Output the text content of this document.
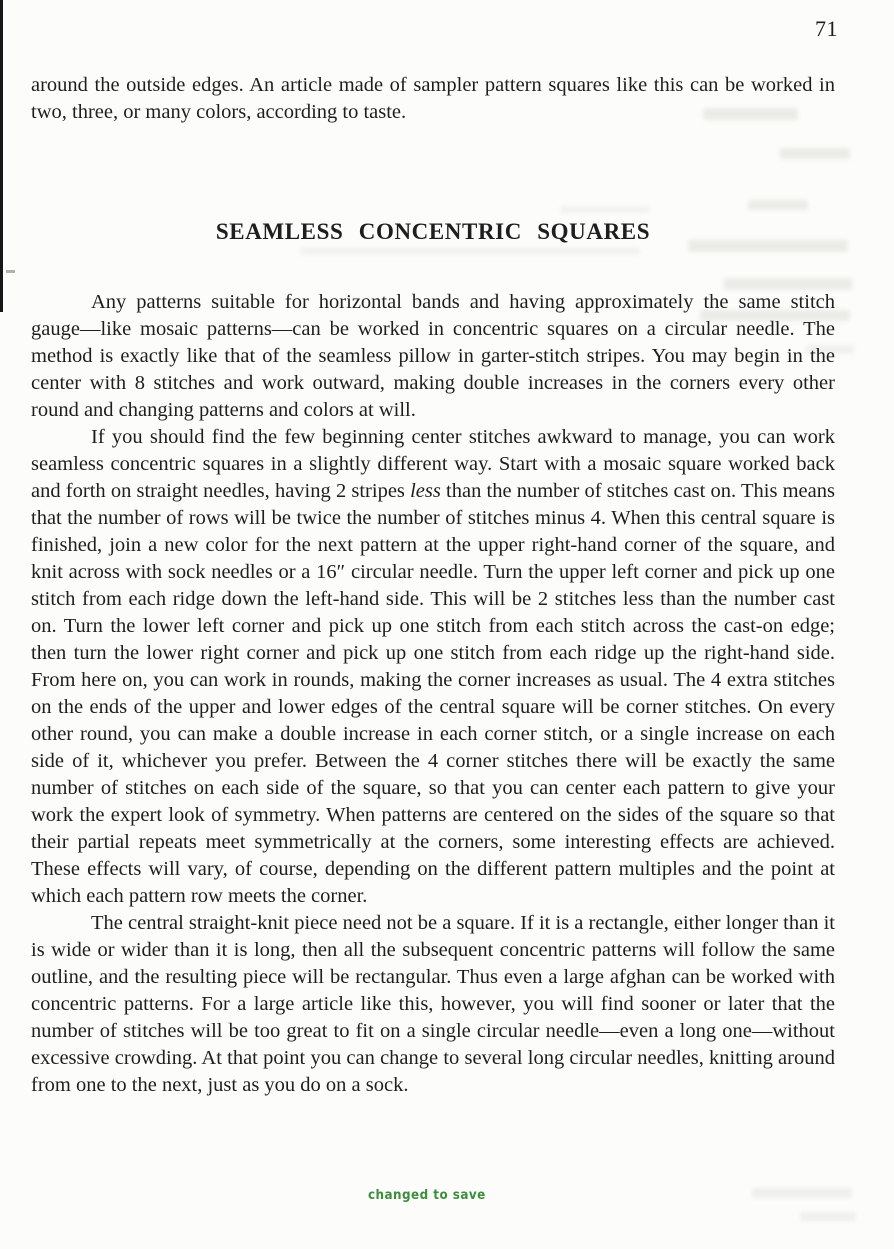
71

around the outside edges. An article made of sampler pattern squares like this can be worked in two, three, or many colors, according to taste.

SEAMLESS CONCENTRIC SQUARES

Any patterns suitable for horizontal bands and having approximately the same stitch gauge—like mosaic patterns—can be worked in concentric squares on a circular needle. The method is exactly like that of the seamless pillow in garter-stitch stripes. You may begin in the center with 8 stitches and work outward, making double increases in the corners every other round and changing patterns and colors at will.

If you should find the few beginning center stitches awkward to manage, you can work seamless concentric squares in a slightly different way. Start with a mosaic square worked back and forth on straight needles, having 2 stripes less than the number of stitches cast on. This means that the number of rows will be twice the number of stitches minus 4. When this central square is finished, join a new color for the next pattern at the upper right-hand corner of the square, and knit across with sock needles or a 16″ circular needle. Turn the upper left corner and pick up one stitch from each ridge down the left-hand side. This will be 2 stitches less than the number cast on. Turn the lower left corner and pick up one stitch from each stitch across the cast-on edge; then turn the lower right corner and pick up one stitch from each ridge up the right-hand side. From here on, you can work in rounds, making the corner increases as usual. The 4 extra stitches on the ends of the upper and lower edges of the central square will be corner stitches. On every other round, you can make a double increase in each corner stitch, or a single increase on each side of it, whichever you prefer. Between the 4 corner stitches there will be exactly the same number of stitches on each side of the square, so that you can center each pattern to give your work the expert look of symmetry. When patterns are centered on the sides of the square so that their partial repeats meet symmetrically at the corners, some interesting effects are achieved. These effects will vary, of course, depending on the different pattern multiples and the point at which each pattern row meets the corner.

The central straight-knit piece need not be a square. If it is a rectangle, either longer than it is wide or wider than it is long, then all the subsequent concentric patterns will follow the same outline, and the resulting piece will be rectangular. Thus even a large afghan can be worked with concentric patterns. For a large article like this, however, you will find sooner or later that the number of stitches will be too great to fit on a single circular needle—even a long one—without excessive crowding. At that point you can change to several long circular needles, knitting around from one to the next, just as you do on a sock.

changed to save
